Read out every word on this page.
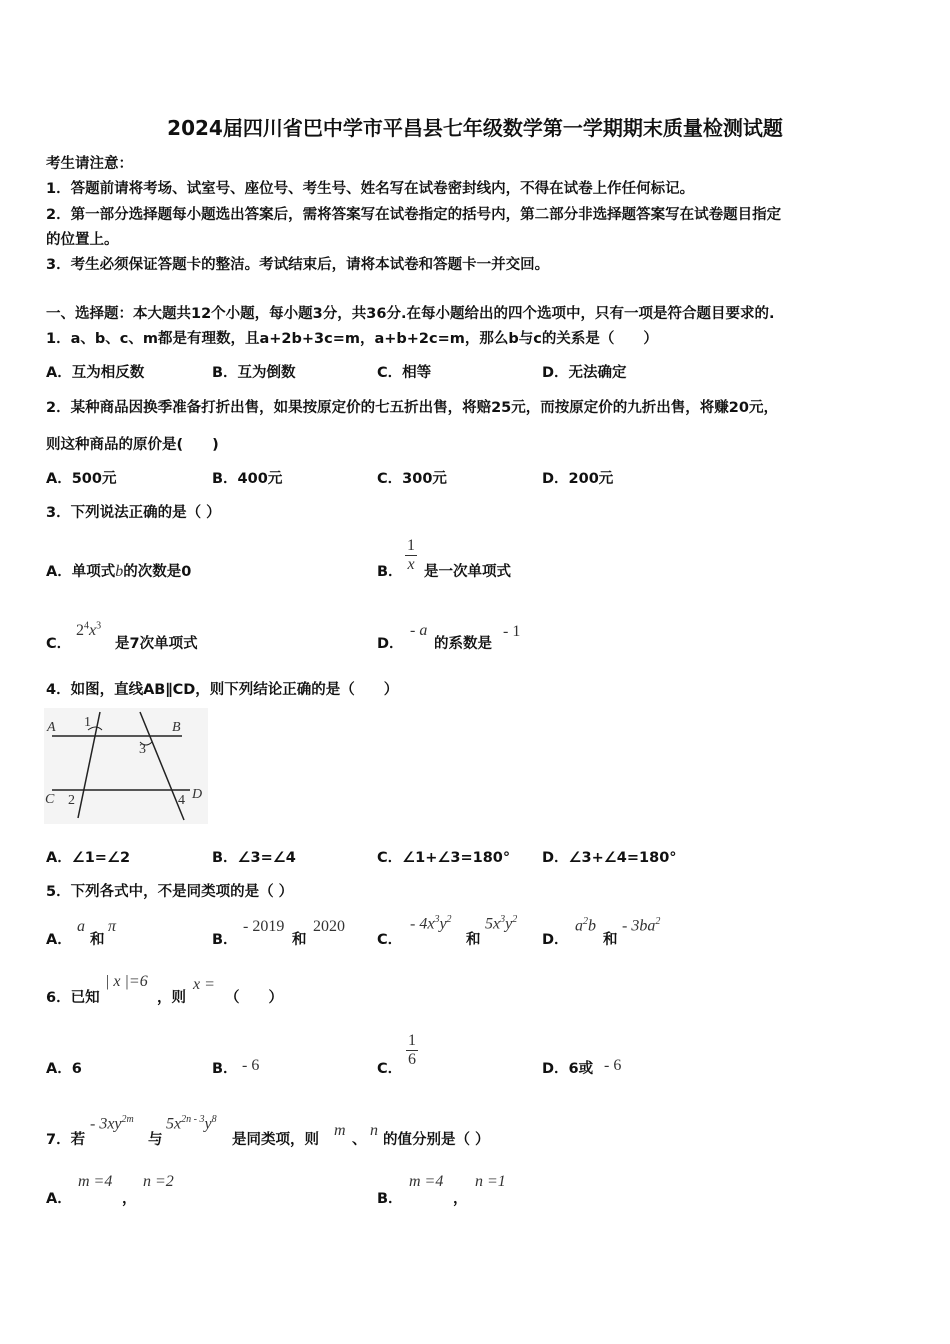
2024届四川省巴中学市平昌县七年级数学第一学期期末质量检测试题
考生请注意：
1．答题前请将考场、试室号、座位号、考生号、姓名写在试卷密封线内，不得在试卷上作任何标记。
2．第一部分选择题每小题选出答案后，需将答案写在试卷指定的括号内，第二部分非选择题答案写在试卷题目指定
的位置上。
3．考生必须保证答题卡的整洁。考试结束后，请将本试卷和答题卡一并交回。
一、选择题：本大题共12个小题，每小题3分，共36分.在每小题给出的四个选项中，只有一项是符合题目要求的.
1．a、b、c、m都是有理数，且a+2b+3c=m，a+b+2c=m，那么b与c的关系是（　　）
A．互为相反数	B．互为倒数	C．相等	D．无法确定
2．某种商品因换季准备打折出售，如果按原定价的七五折出售，将赔25元，而按原定价的九折出售，将赚20元，
则这种商品的原价是(　　)
A．500元	B．400元	C．300元	D．200元
3．下列说法正确的是（ ）
A．单项式b的次数是0	B． $\frac{1}{x}$ 是一次单项式
C．
$2^4x^3$
是7次单项式	D．
- a
的系数是
- 1
4．如图，直线AB∥CD，则下列结论正确的是（　　）
A	B
C	D
1
2
3
4
A．∠1=∠2	B．∠3=∠4	C．∠1+∠3=180° D．∠3+∠4=180°
5．下列各式中，不是同类项的是（ ）
A．
a
和
π
B．
- 2019
和
2020
C．
- $4x^3y^2$
和
$5x^3y^2$
D．
$a^2b$
和
- $3ba^2$
6．已知
| x |=6
，则
x =
（　　）
A．6	B． - 6	C． $\frac{1}{6}$	D．6或 - 6
7．若
- $3xy^{2m}$
与
$5x^{2n - 3}y^8$
是同类项，则
m
、
n
的值分别是（ ）
A．
m =4
，
n =2
B．
m =4
，
n =1
